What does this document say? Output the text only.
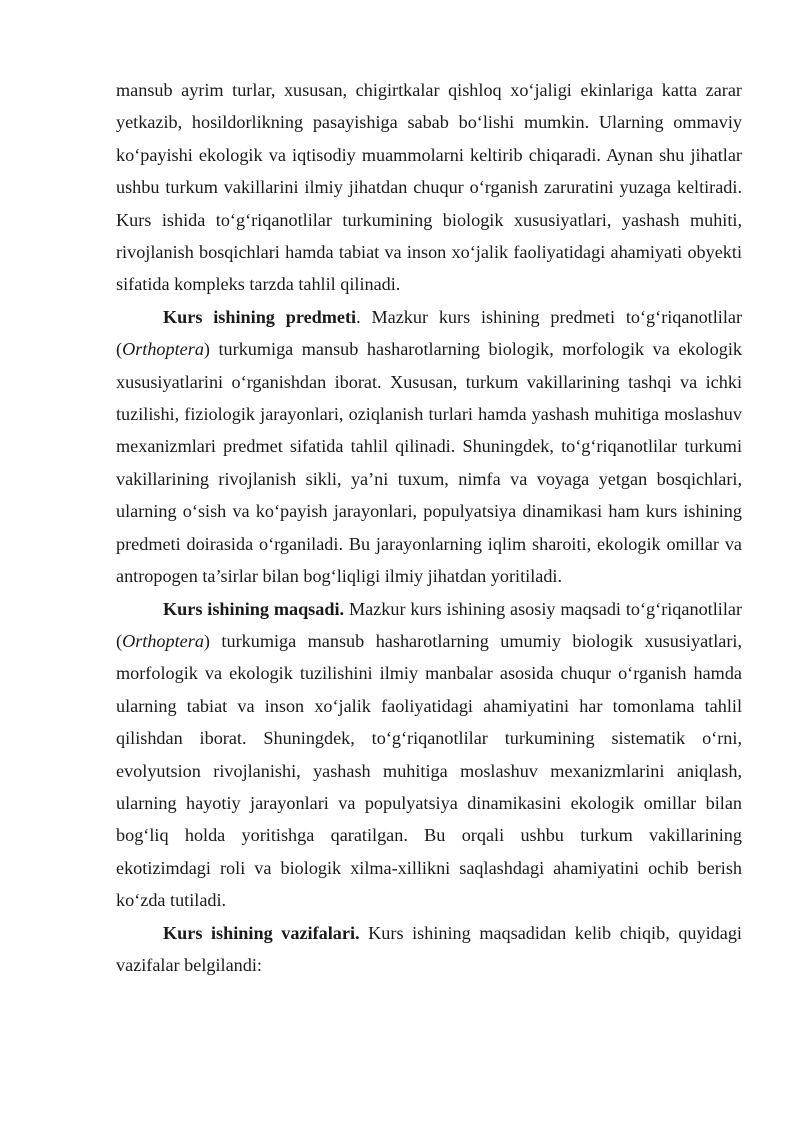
mansub ayrim turlar, xususan, chigirtkalar qishloq xo‘jaligi ekinlariga katta zarar yetkazib, hosildorlikning pasayishiga sabab bo‘lishi mumkin. Ularning ommaviy ko‘payishi ekologik va iqtisodiy muammolarni keltirib chiqaradi. Aynan shu jihatlar ushbu turkum vakillarini ilmiy jihatdan chuqur o‘rganish zaruratini yuzaga keltiradi. Kurs ishida to‘g‘riqanotlilar turkumining biologik xususiyatlari, yashash muhiti, rivojlanish bosqichlari hamda tabiat va inson xo‘jalik faoliyatidagi ahamiyati obyekti sifatida kompleks tarzda tahlil qilinadi.

Kurs ishining predmeti. Mazkur kurs ishining predmeti to‘g‘riqanotlilar (Orthoptera) turkumiga mansub hasharotlarning biologik, morfologik va ekologik xususiyatlarini o‘rganishdan iborat. Xususan, turkum vakillarining tashqi va ichki tuzilishi, fiziologik jarayonlari, oziqlanish turlari hamda yashash muhitiga moslashuv mexanizmlari predmet sifatida tahlil qilinadi. Shuningdek, to‘g‘riqanotlilar turkumi vakillarining rivojlanish sikli, ya’ni tuxum, nimfa va voyaga yetgan bosqichlari, ularning o‘sish va ko‘payish jarayonlari, populyatsiya dinamikasi ham kurs ishining predmeti doirasida o‘rganiladi. Bu jarayonlarning iqlim sharoiti, ekologik omillar va antropogen ta’sirlar bilan bog‘liqligi ilmiy jihatdan yoritiladi.

Kurs ishining maqsadi. Mazkur kurs ishining asosiy maqsadi to‘g‘riqanotlilar (Orthoptera) turkumiga mansub hasharotlarning umumiy biologik xususiyatlari, morfologik va ekologik tuzilishini ilmiy manbalar asosida chuqur o‘rganish hamda ularning tabiat va inson xo‘jalik faoliyatidagi ahamiyatini har tomonlama tahlil qilishdan iborat. Shuningdek, to‘g‘riqanotlilar turkumining sistematik o‘rni, evolyutsion rivojlanishi, yashash muhitiga moslashuv mexanizmlarini aniqlash, ularning hayotiy jarayonlari va populyatsiya dinamikasini ekologik omillar bilan bog‘liq holda yoritishga qaratilgan. Bu orqali ushbu turkum vakillarining ekotizimdagi roli va biologik xilma-xillikni saqlashdagi ahamiyatini ochib berish ko‘zda tutiladi.

Kurs ishining vazifalari. Kurs ishining maqsadidan kelib chiqib, quyidagi vazifalar belgilandi:
